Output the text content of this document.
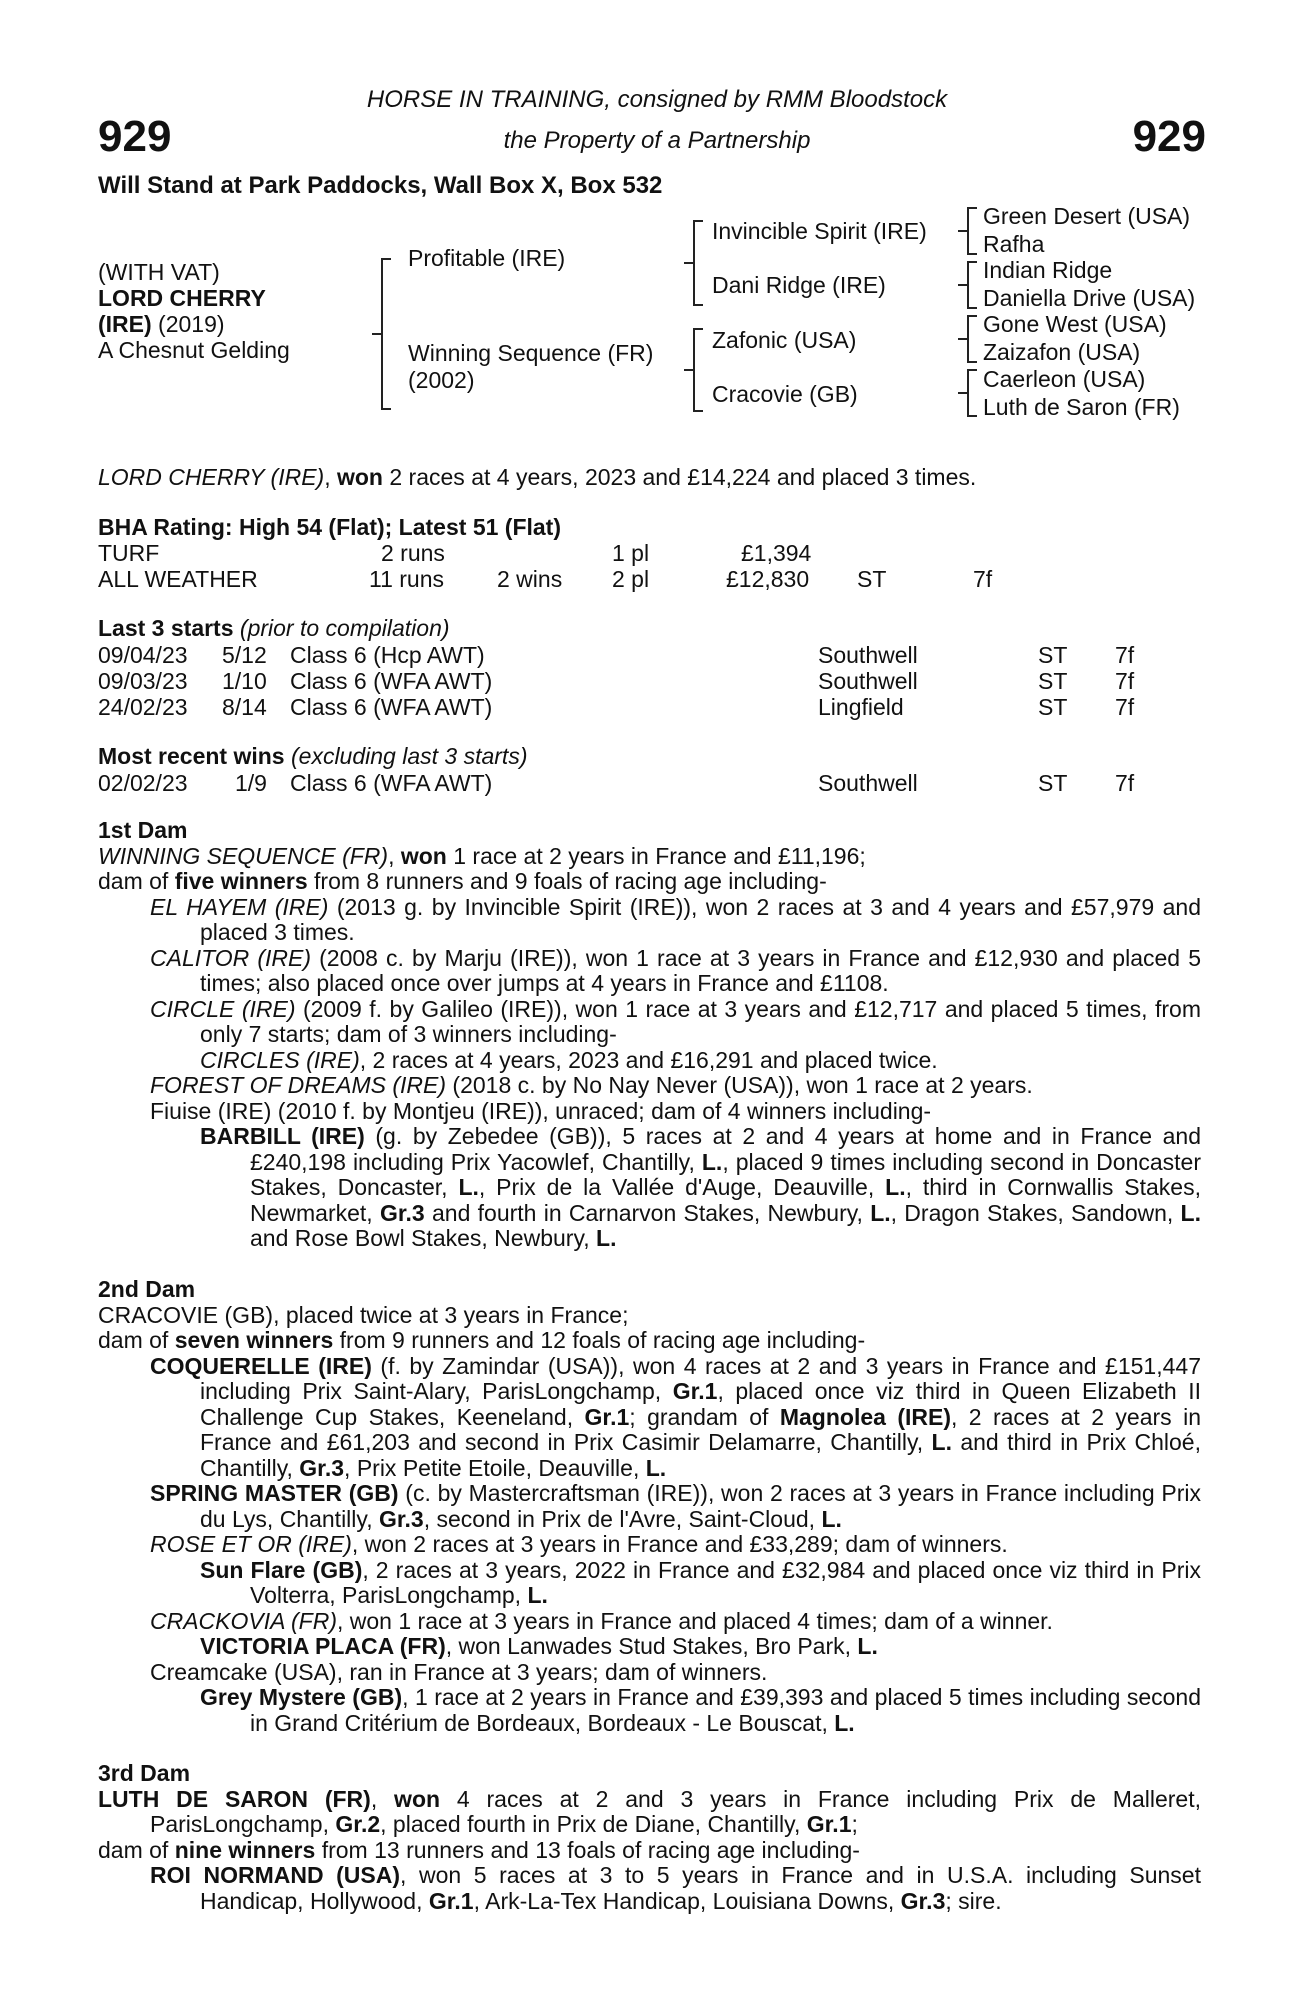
929	929
HORSE IN TRAINING, consigned by RMM Bloodstock
the Property of a Partnership
Will Stand at Park Paddocks, Wall Box X, Box 532
(WITH VAT)
LORD CHERRY
(IRE) (2019)
A Chesnut Gelding
Profitable (IRE)
Winning Sequence (FR)
(2002)
Invincible Spirit (IRE)
Dani Ridge (IRE)
Zafonic (USA)
Cracovie (GB)
Green Desert (USA)
Rafha
Indian Ridge
Daniella Drive (USA)
Gone West (USA)
Zaizafon (USA)
Caerleon (USA)
Luth de Saron (FR)
LORD CHERRY (IRE), won 2 races at 4 years, 2023 and £14,224 and placed 3 times.
BHA Rating: High 54 (Flat); Latest 51 (Flat)
TURF	2 runs	1 pl	£1,394
ALL WEATHER	11 runs 2 wins 2 pl	£12,830 ST	7f
Last 3 starts (prior to compilation)
09/04/23 5/12 Class 6 (Hcp AWT)	Southwell	ST 7f
09/03/23 1/10 Class 6 (WFA AWT)	Southwell	ST 7f
24/02/23 8/14 Class 6 (WFA AWT)	Lingfield	ST 7f
Most recent wins (excluding last 3 starts)
02/02/23 1/9 Class 6 (WFA AWT)	Southwell	ST 7f

1st Dam

WINNING SEQUENCE (FR), won 1 race at 2 years in France and £11,196;

dam of five winners from 8 runners and 9 foals of racing age including-

EL HAYEM (IRE) (2013 g. by Invincible Spirit (IRE)), won 2 races at 3 and 4 years and £57,979 and placed 3 times.

CALITOR (IRE) (2008 c. by Marju (IRE)), won 1 race at 3 years in France and £12,930 and placed 5 times; also placed once over jumps at 4 years in France and £1108.

CIRCLE (IRE) (2009 f. by Galileo (IRE)), won 1 race at 3 years and £12,717 and placed 5 times, from only 7 starts; dam of 3 winners including-

CIRCLES (IRE), 2 races at 4 years, 2023 and £16,291 and placed twice.

FOREST OF DREAMS (IRE) (2018 c. by No Nay Never (USA)), won 1 race at 2 years.

Fiuise (IRE) (2010 f. by Montjeu (IRE)), unraced; dam of 4 winners including-

BARBILL (IRE) (g. by Zebedee (GB)), 5 races at 2 and 4 years at home and in France and £240,198 including Prix Yacowlef, Chantilly, L., placed 9 times including second in Doncaster Stakes, Doncaster, L., Prix de la Vallée d'Auge, Deauville, L., third in Cornwallis Stakes, Newmarket, Gr.3 and fourth in Carnarvon Stakes, Newbury, L., Dragon Stakes, Sandown, L. and Rose Bowl Stakes, Newbury, L.

2nd Dam

CRACOVIE (GB), placed twice at 3 years in France;

dam of seven winners from 9 runners and 12 foals of racing age including-

COQUERELLE (IRE) (f. by Zamindar (USA)), won 4 races at 2 and 3 years in France and £151,447 including Prix Saint-Alary, ParisLongchamp, Gr.1, placed once viz third in Queen Elizabeth II Challenge Cup Stakes, Keeneland, Gr.1; grandam of Magnolea (IRE), 2 races at 2 years in France and £61,203 and second in Prix Casimir Delamarre, Chantilly, L. and third in Prix Chloé, Chantilly, Gr.3, Prix Petite Etoile, Deauville, L.

SPRING MASTER (GB) (c. by Mastercraftsman (IRE)), won 2 races at 3 years in France including Prix du Lys, Chantilly, Gr.3, second in Prix de l'Avre, Saint-Cloud, L.

ROSE ET OR (IRE), won 2 races at 3 years in France and £33,289; dam of winners.

Sun Flare (GB), 2 races at 3 years, 2022 in France and £32,984 and placed once viz third in Prix Volterra, ParisLongchamp, L.

CRACKOVIA (FR), won 1 race at 3 years in France and placed 4 times; dam of a winner.

VICTORIA PLACA (FR), won Lanwades Stud Stakes, Bro Park, L.

Creamcake (USA), ran in France at 3 years; dam of winners.

Grey Mystere (GB), 1 race at 2 years in France and £39,393 and placed 5 times including second in Grand Critérium de Bordeaux, Bordeaux - Le Bouscat, L.

3rd Dam

LUTH DE SARON (FR), won 4 races at 2 and 3 years in France including Prix de Malleret, ParisLongchamp, Gr.2, placed fourth in Prix de Diane, Chantilly, Gr.1;

dam of nine winners from 13 runners and 13 foals of racing age including-

ROI NORMAND (USA), won 5 races at 3 to 5 years in France and in U.S.A. including Sunset Handicap, Hollywood, Gr.1, Ark-La-Tex Handicap, Louisiana Downs, Gr.3; sire.
